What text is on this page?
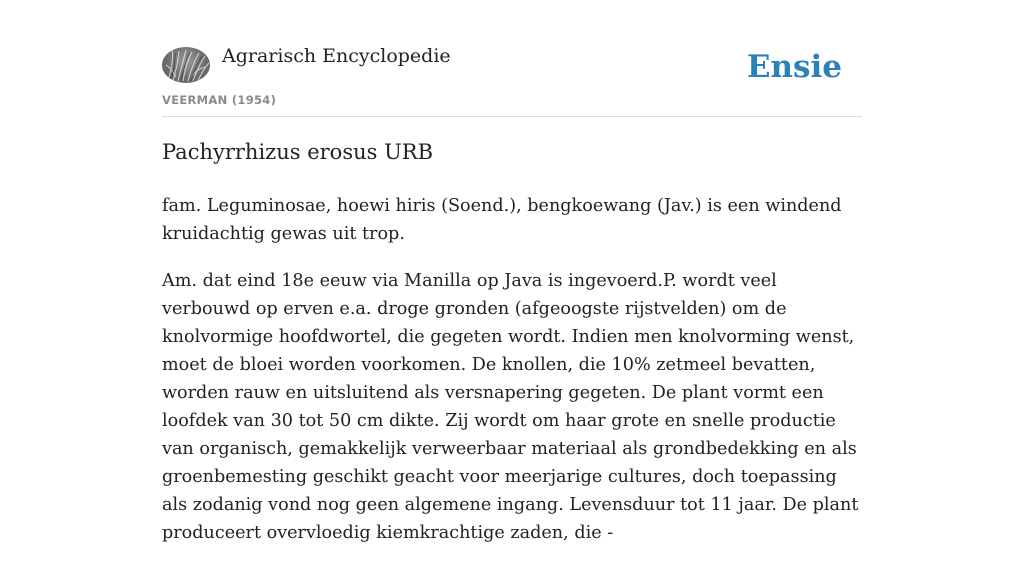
Agrarisch Encyclopedie
VEERMAN (1954)
Ensie
Pachyrrhizus erosus URB

fam. Leguminosae, hoewi hiris (Soend.), bengkoewang (Jav.) is een windend kruidachtig gewas uit trop.

Am. dat eind 18e eeuw via Manilla op Java is ingevoerd.P. wordt veel verbouwd op erven e.a. droge gronden (afgeoogste rijstvelden) om de knolvormige hoofdwortel, die gegeten wordt. Indien men knolvorming wenst, moet de bloei worden voorkomen. De knollen, die 10% zetmeel bevatten, worden rauw en uitsluitend als versnapering gegeten. De plant vormt een loofdek van 30 tot 50 cm dikte. Zij wordt om haar grote en snelle productie van organisch, gemakkelijk verweerbaar materiaal als grondbedekking en als groenbemesting geschikt geacht voor meerjarige cultures, doch toepassing als zodanig vond nog geen algemene ingang. Levensduur tot 11 jaar. De plant produceert overvloedig kiemkrachtige zaden, die -
